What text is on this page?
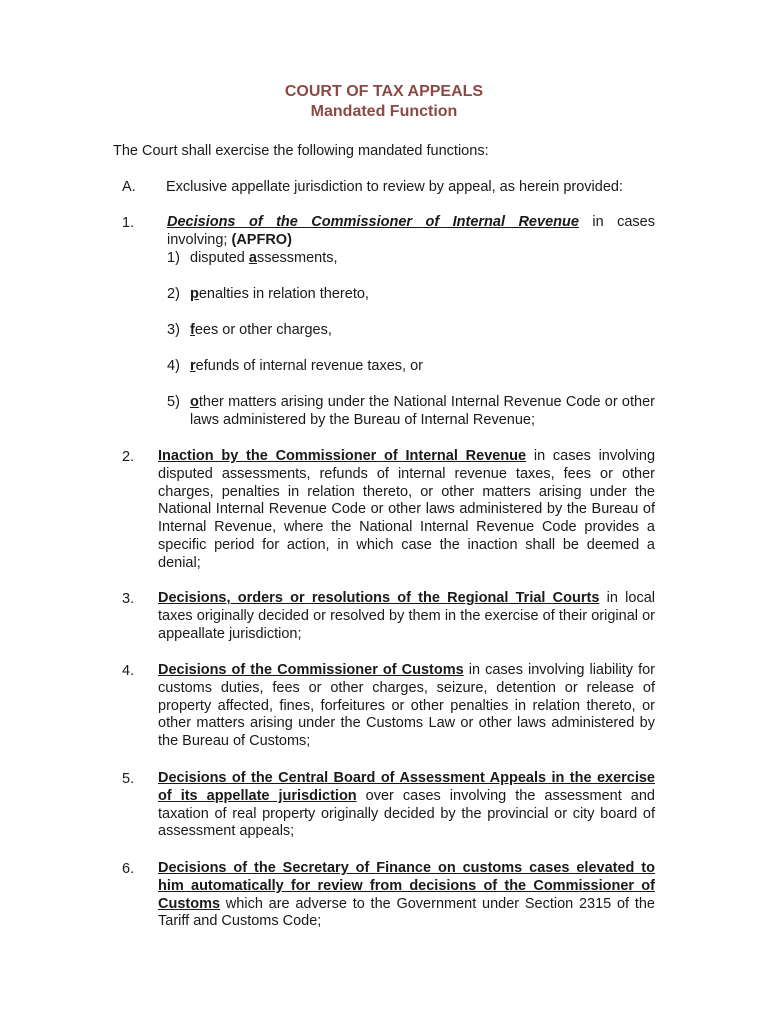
COURT OF TAX APPEALS
Mandated Function
The Court shall exercise the following mandated functions:
A. Exclusive appellate jurisdiction to review by appeal, as herein provided:
1. Decisions of the Commissioner of Internal Revenue in cases
involving; (APFRO)
1) disputed assessments,
2) penalties in relation thereto,
3) fees or other charges,
4) refunds of internal revenue taxes, or
5) other matters arising under the National Internal Revenue Code or other laws administered by the Bureau of Internal Revenue;
2. Inaction by the Commissioner of Internal Revenue in cases involving disputed assessments, refunds of internal revenue taxes, fees or other charges, penalties in relation thereto, or other matters arising under the National Internal Revenue Code or other laws administered by the Bureau of Internal Revenue, where the National Internal Revenue Code provides a specific period for action, in which case the inaction shall be deemed a denial;
3. Decisions, orders or resolutions of the Regional Trial Courts in local taxes originally decided or resolved by them in the exercise of their original or appeallate jurisdiction;
4. Decisions of the Commissioner of Customs in cases involving liability for customs duties, fees or other charges, seizure, detention or release of property affected, fines, forfeitures or other penalties in relation thereto, or other matters arising under the Customs Law or other laws administered by the Bureau of Customs;
5. Decisions of the Central Board of Assessment Appeals in the exercise of its appellate jurisdiction over cases involving the assessment and taxation of real property originally decided by the provincial or city board of assessment appeals;
6. Decisions of the Secretary of Finance on customs cases elevated to him automatically for review from decisions of the Commissioner of Customs which are adverse to the Government under Section 2315 of the Tariff and Customs Code;
